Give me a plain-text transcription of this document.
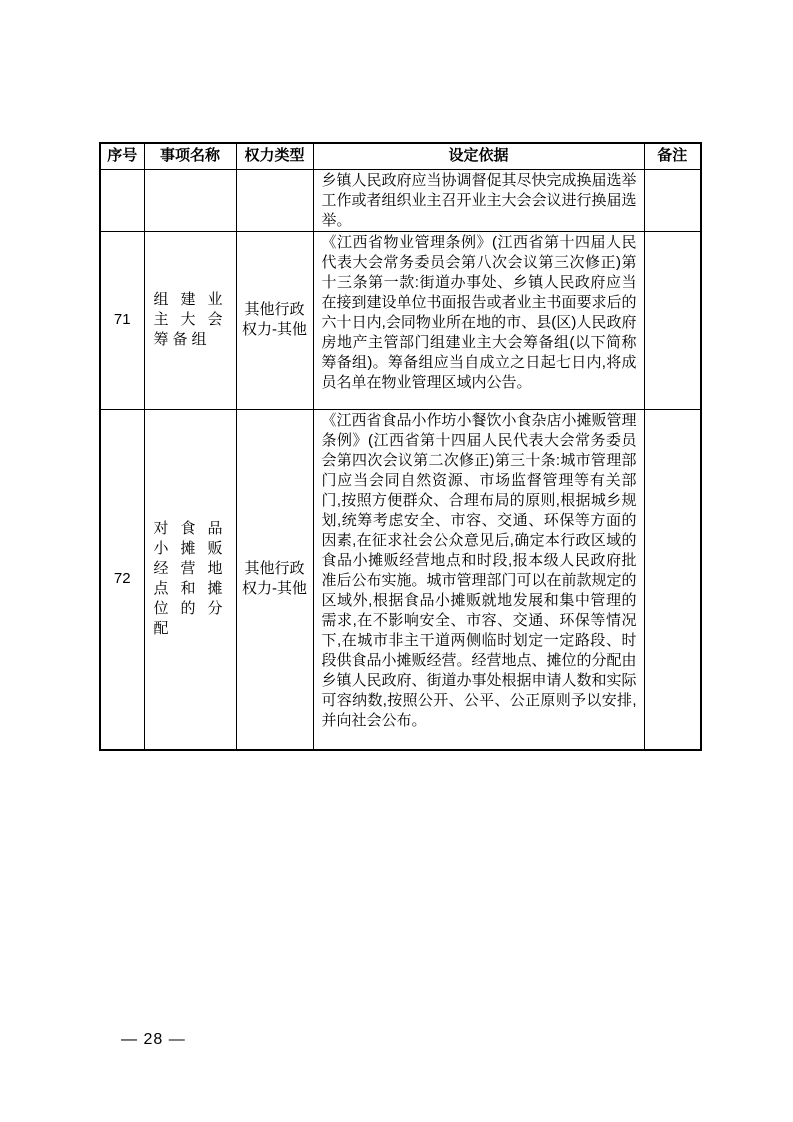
序号	事项名称	权力类型	设定依据	备注
			乡镇人民政府应当协调督促其尽快完成换届选举工作或者组织业主召开业主大会会议进行换届选举。	
71	组建业主大会筹备组	其他行政权力-其他	《江西省物业管理条例》(江西省第十四届人民代表大会常务委员会第八次会议第三次修正)第十三条第一款:街道办事处、乡镇人民政府应当在接到建设单位书面报告或者业主书面要求后的六十日内,会同物业所在地的市、县(区)人民政府房地产主管部门组建业主大会筹备组(以下简称筹备组)。筹备组应当自成立之日起七日内,将成员名单在物业管理区域内公告。	
72	对食品小摊贩经营地点和摊位的分配	其他行政权力-其他	《江西省食品小作坊小餐饮小食杂店小摊贩管理条例》(江西省第十四届人民代表大会常务委员会第四次会议第二次修正)第三十条:城市管理部门应当会同自然资源、市场监督管理等有关部门,按照方便群众、合理布局的原则,根据城乡规划,统筹考虑安全、市容、交通、环保等方面的因素,在征求社会公众意见后,确定本行政区域的食品小摊贩经营地点和时段,报本级人民政府批准后公布实施。城市管理部门可以在前款规定的区域外,根据食品小摊贩就地发展和集中管理的需求,在不影响安全、市容、交通、环保等情况下,在城市非主干道两侧临时划定一定路段、时段供食品小摊贩经营。经营地点、摊位的分配由乡镇人民政府、街道办事处根据申请人数和实际可容纳数,按照公开、公平、公正原则予以安排,并向社会公布。	
— 28 —
